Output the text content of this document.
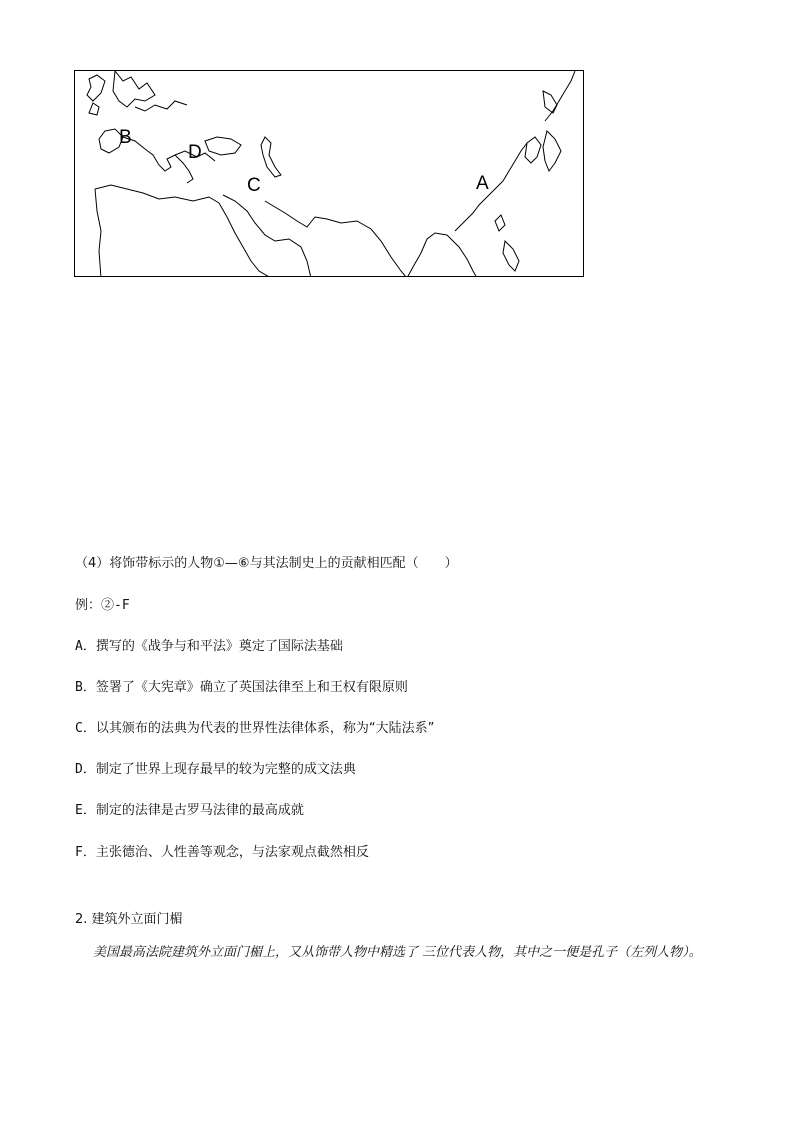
A
B
C
D
（4）将饰带标示的人物①—⑥与其法制史上的贡献相匹配（　　）
例：②-F
A．撰写的《战争与和平法》奠定了国际法基础
B．签署了《大宪章》确立了英国法律至上和王权有限原则
C．以其颁布的法典为代表的世界性法律体系，称为“大陆法系”
D．制定了世界上现存最早的较为完整的成文法典
E．制定的法律是古罗马法律的最高成就
F．主张德治、人性善等观念，与法家观点截然相反
2. 建筑外立面门楣
美国最高法院建筑外立面门楣上，又从饰带人物中精选了 三位代表人物，其中之一便是孔子（左列人物）。
